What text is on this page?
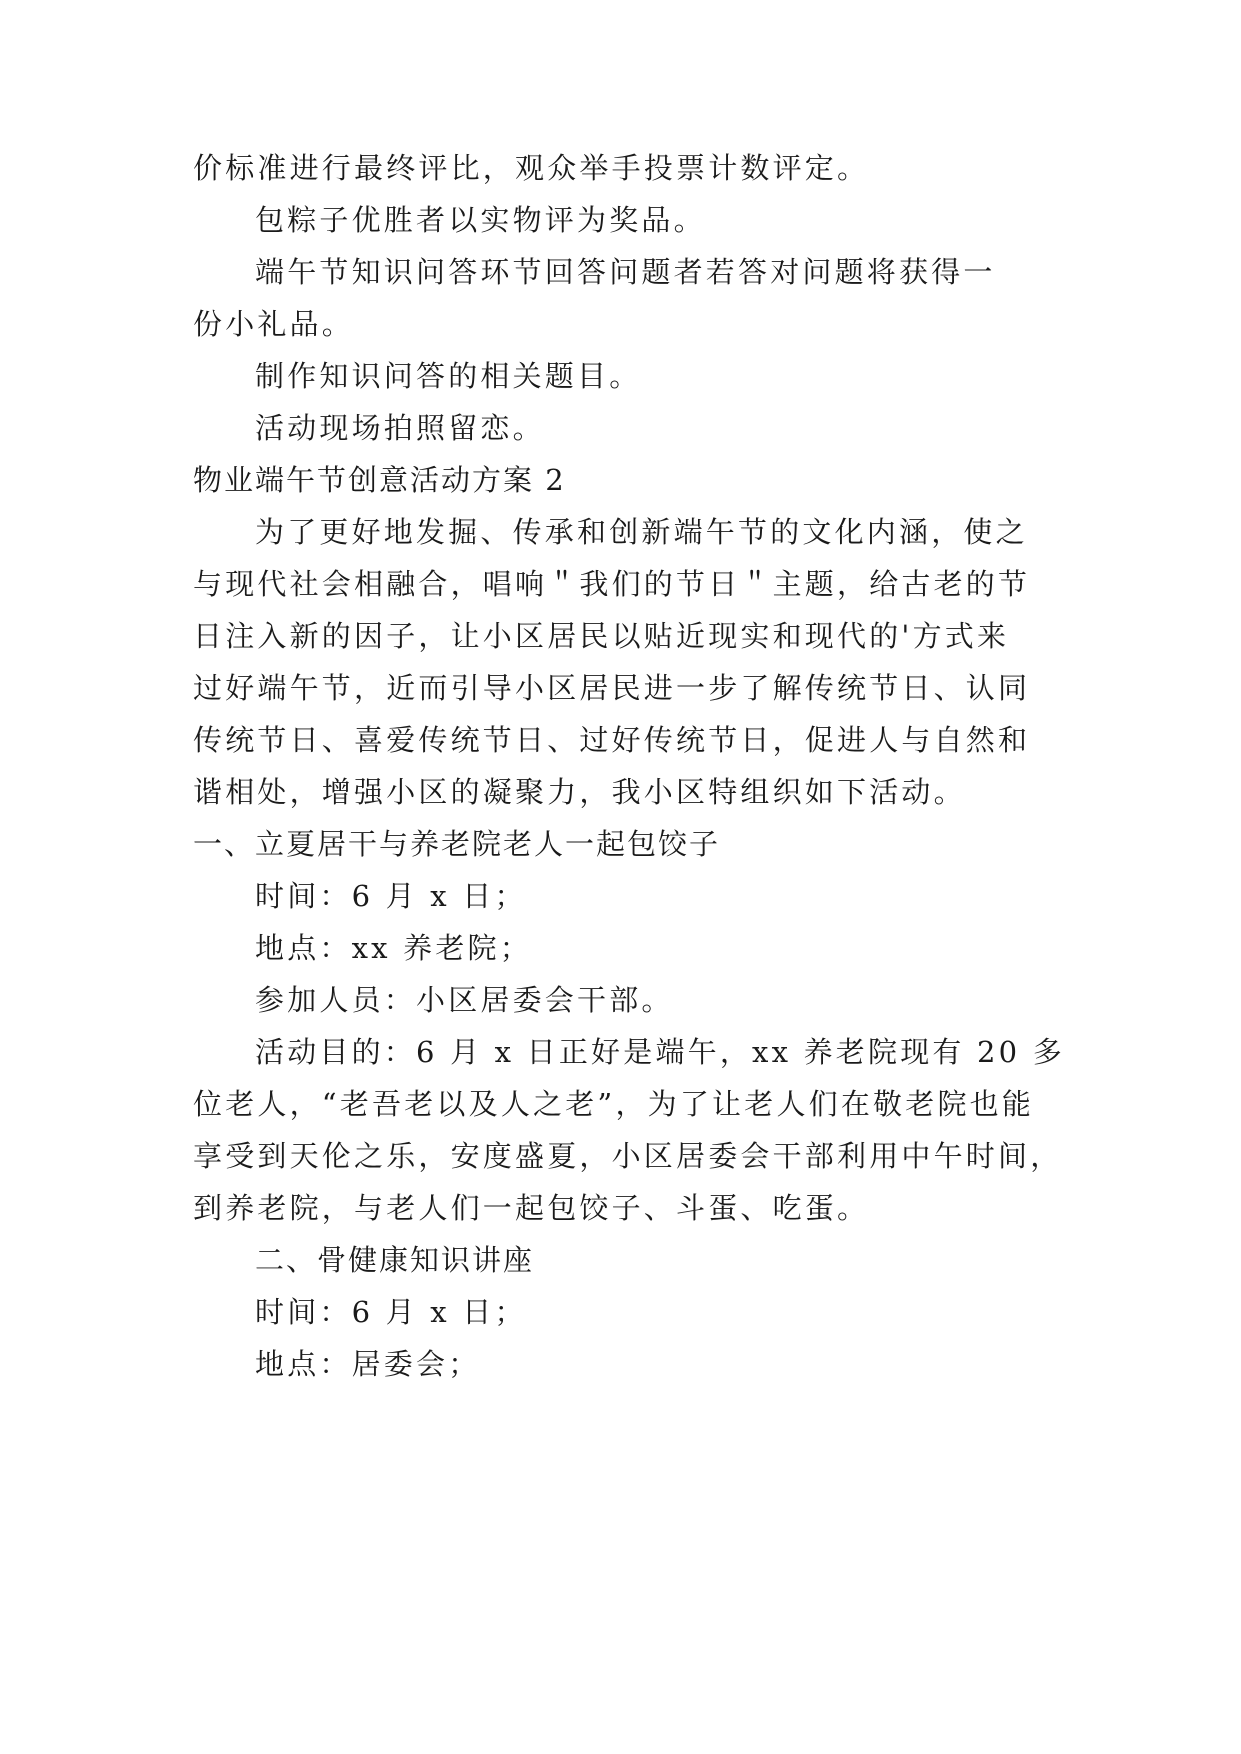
价标准进行最终评比，观众举手投票计数评定。
包粽子优胜者以实物评为奖品。
端午节知识问答环节回答问题者若答对问题将获得一
份小礼品。
制作知识问答的相关题目。
活动现场拍照留恋。
物业端午节创意活动方案 2
为了更好地发掘、传承和创新端午节的文化内涵，使之
与现代社会相融合，唱响＂我们的节日＂主题，给古老的节
日注入新的因子，让小区居民以贴近现实和现代的'方式来
过好端午节，近而引导小区居民进一步了解传统节日、认同
传统节日、喜爱传统节日、过好传统节日，促进人与自然和
谐相处，增强小区的凝聚力，我小区特组织如下活动。
一、立夏居干与养老院老人一起包饺子
时间：6 月 x 日；
地点：xx 养老院；
参加人员：小区居委会干部。
活动目的：6 月 x 日正好是端午，xx 养老院现有 20 多
位老人，“老吾老以及人之老”，为了让老人们在敬老院也能
享受到天伦之乐，安度盛夏，小区居委会干部利用中午时间，
到养老院，与老人们一起包饺子、斗蛋、吃蛋。
二、骨健康知识讲座
时间：6 月 x 日；
地点：居委会；
